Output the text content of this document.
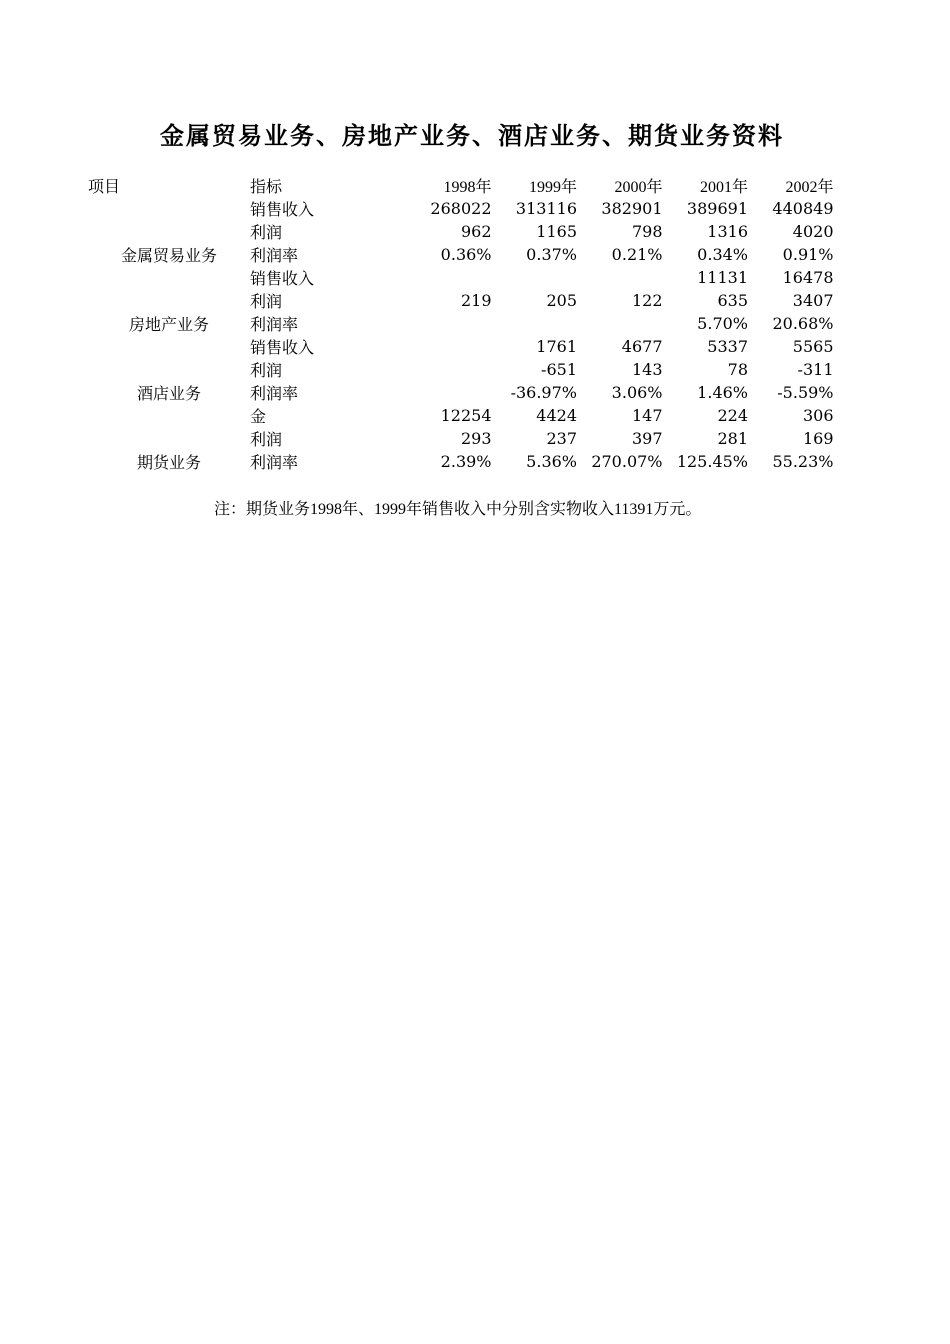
金属贸易业务、房地产业务、酒店业务、期货业务资料
项目	指标	1998年	1999年	2000年	2001年	2002年
	销售收入	268022	313116	382901	389691	440849
	利润	962	1165	798	1316	4020
金属贸易业务	利润率	0.36%	0.37%	0.21%	0.34%	0.91%
	销售收入				11131	16478
	利润	219	205	122	635	3407
房地产业务	利润率				5.70%	20.68%
	销售收入		1761	4677	5337	5565
	利润		-651	143	78	-311
酒店业务	利润率		-36.97%	3.06%	1.46%	-5.59%
	金	12254	4424	147	224	306
	利润	293	237	397	281	169
期货业务	利润率	2.39%	5.36%	270.07%	125.45%	55.23%
注：期货业务1998年、1999年销售收入中分别含实物收入11391万元。
